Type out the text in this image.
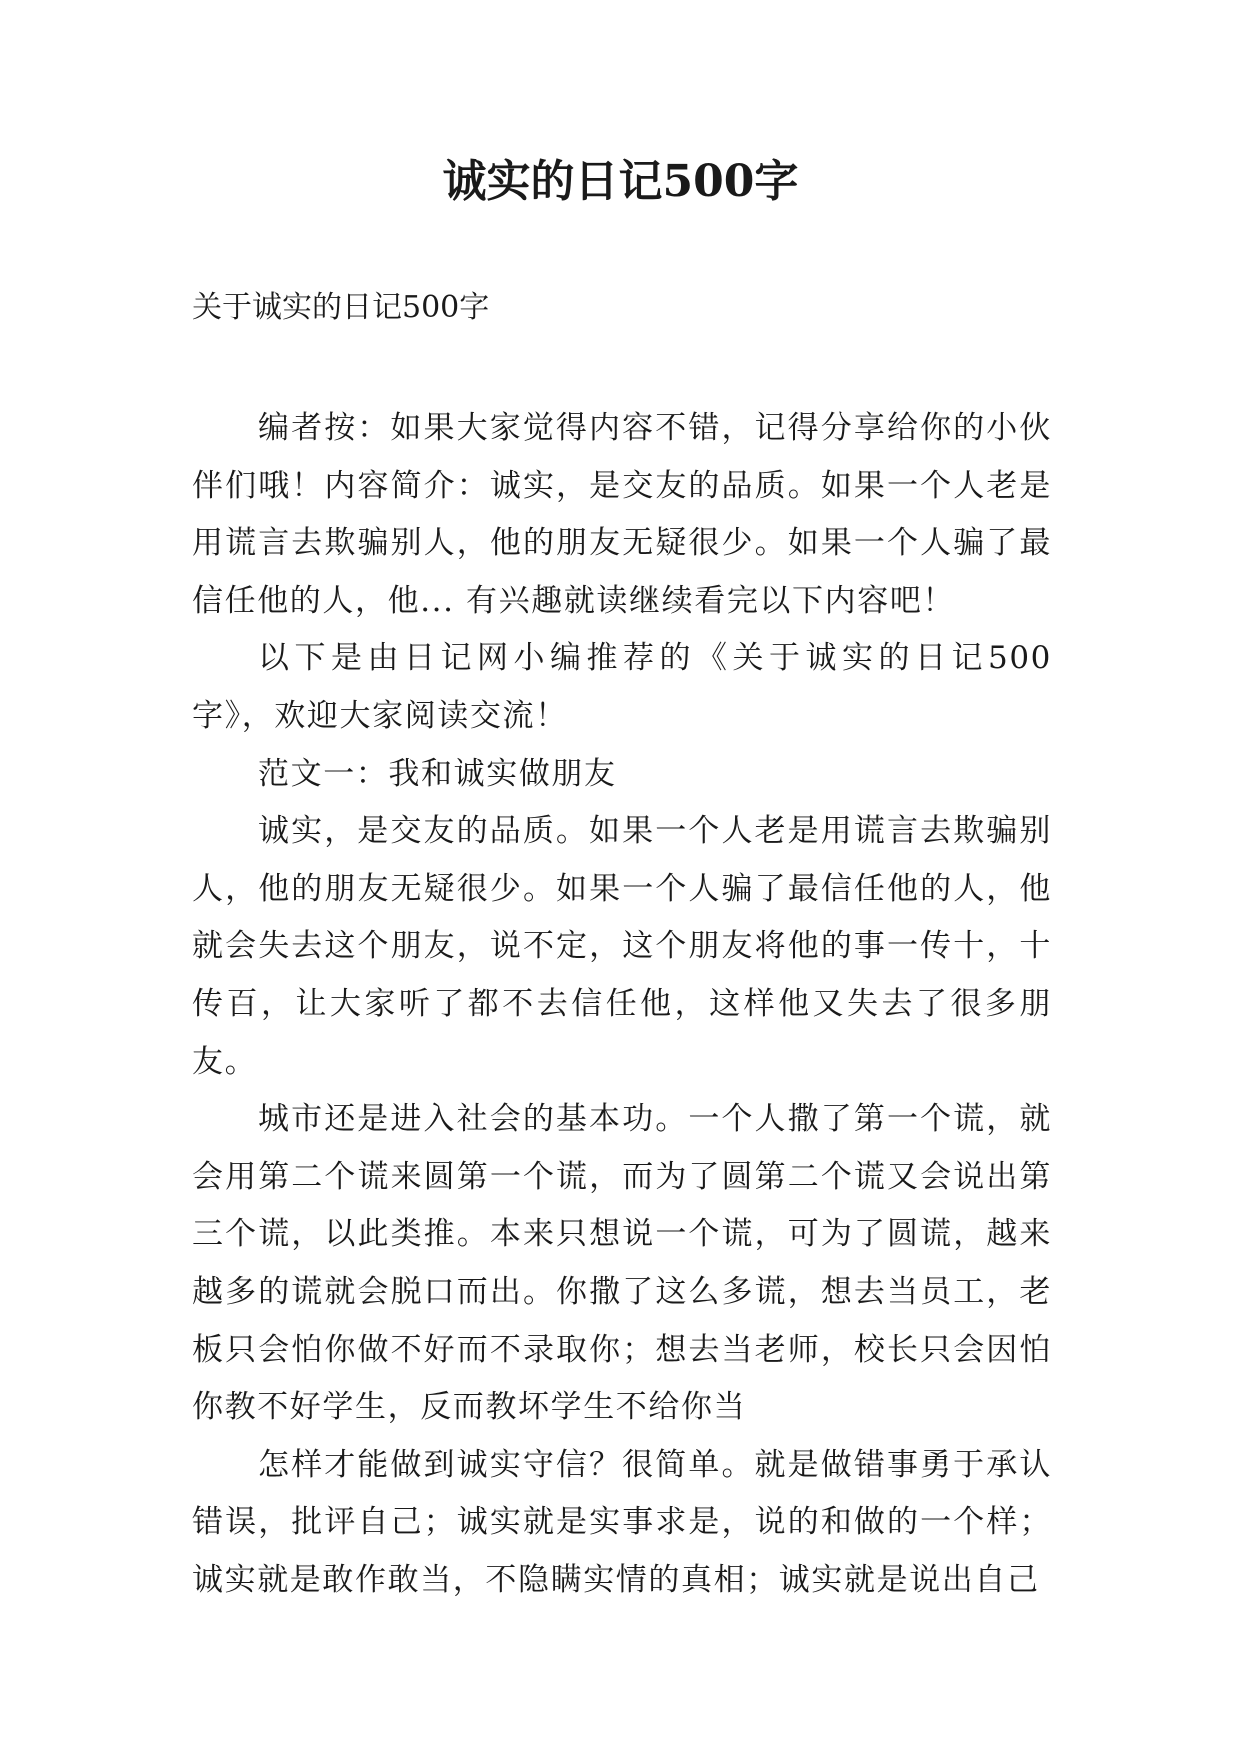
诚实的日记500字
关于诚实的日记500字

编者按：如果大家觉得内容不错，记得分享给你的小伙伴们哦！内容简介：诚实，是交友的品质。如果一个人老是用谎言去欺骗别人，他的朋友无疑很少。如果一个人骗了最信任他的人，他... 有兴趣就读继续看完以下内容吧！

以下是由日记网小编推荐的《关于诚实的日记500字》，欢迎大家阅读交流！

范文一：我和诚实做朋友

诚实，是交友的品质。如果一个人老是用谎言去欺骗别人，他的朋友无疑很少。如果一个人骗了最信任他的人，他就会失去这个朋友，说不定，这个朋友将他的事一传十，十传百，让大家听了都不去信任他，这样他又失去了很多朋友。

城市还是进入社会的基本功。一个人撒了第一个谎，就会用第二个谎来圆第一个谎，而为了圆第二个谎又会说出第三个谎，以此类推。本来只想说一个谎，可为了圆谎，越来越多的谎就会脱口而出。你撒了这么多谎，想去当员工，老板只会怕你做不好而不录取你；想去当老师，校长只会因怕你教不好学生，反而教坏学生不给你当

怎样才能做到诚实守信？很简单。就是做错事勇于承认错误，批评自己；诚实就是实事求是，说的和做的一个样；诚实就是敢作敢当，不隐瞒实情的真相；诚实就是说出自己
